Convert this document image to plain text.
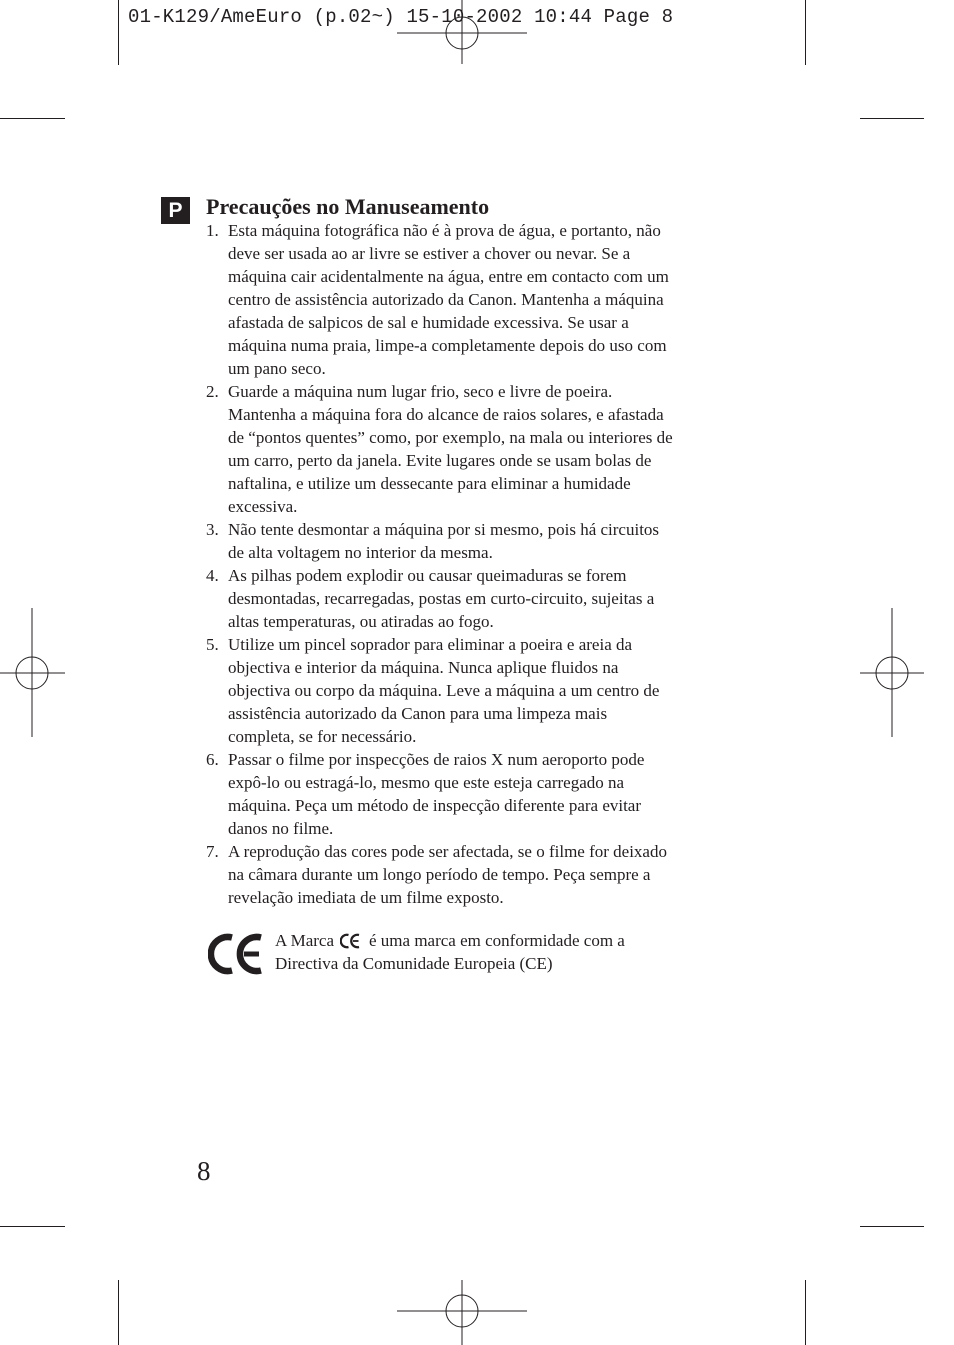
01-K129/AmeEuro (p.02~) 15-10-2002 10:44 Page 8
P	Precauções no Manuseamento
1. Esta máquina fotográfica não é à prova de água, e portanto, não
deve ser usada ao ar livre se estiver a chover ou nevar. Se a
máquina cair acidentalmente na água, entre em contacto com um
centro de assistência autorizado da Canon. Mantenha a máquina
afastada de salpicos de sal e humidade excessiva. Se usar a
máquina numa praia, limpe-a completamente depois do uso com
um pano seco.
2. Guarde a máquina num lugar frio, seco e livre de poeira.
Mantenha a máquina fora do alcance de raios solares, e afastada
de “pontos quentes” como, por exemplo, na mala ou interiores de
um carro, perto da janela. Evite lugares onde se usam bolas de
naftalina, e utilize um dessecante para eliminar a humidade
excessiva.
3. Não tente desmontar a máquina por si mesmo, pois há circuitos
de alta voltagem no interior da mesma.
4. As pilhas podem explodir ou causar queimaduras se forem
desmontadas, recarregadas, postas em curto-circuito, sujeitas a
altas temperaturas, ou atiradas ao fogo.
5. Utilize um pincel soprador para eliminar a poeira e areia da
objectiva e interior da máquina. Nunca aplique fluidos na
objectiva ou corpo da máquina. Leve a máquina a um centro de
assistência autorizado da Canon para uma limpeza mais
completa, se for necessário.
6. Passar o filme por inspecções de raios X num aeroporto pode
expô-lo ou estragá-lo, mesmo que este esteja carregado na
máquina. Peça um método de inspecção diferente para evitar
danos no filme.
7. A reprodução das cores pode ser afectada, se o filme for deixado
na câmara durante um longo período de tempo. Peça sempre a
revelação imediata de um filme exposto.
A Marca é uma marca em conformidade com a
Directiva da Comunidade Europeia (CE)
8
